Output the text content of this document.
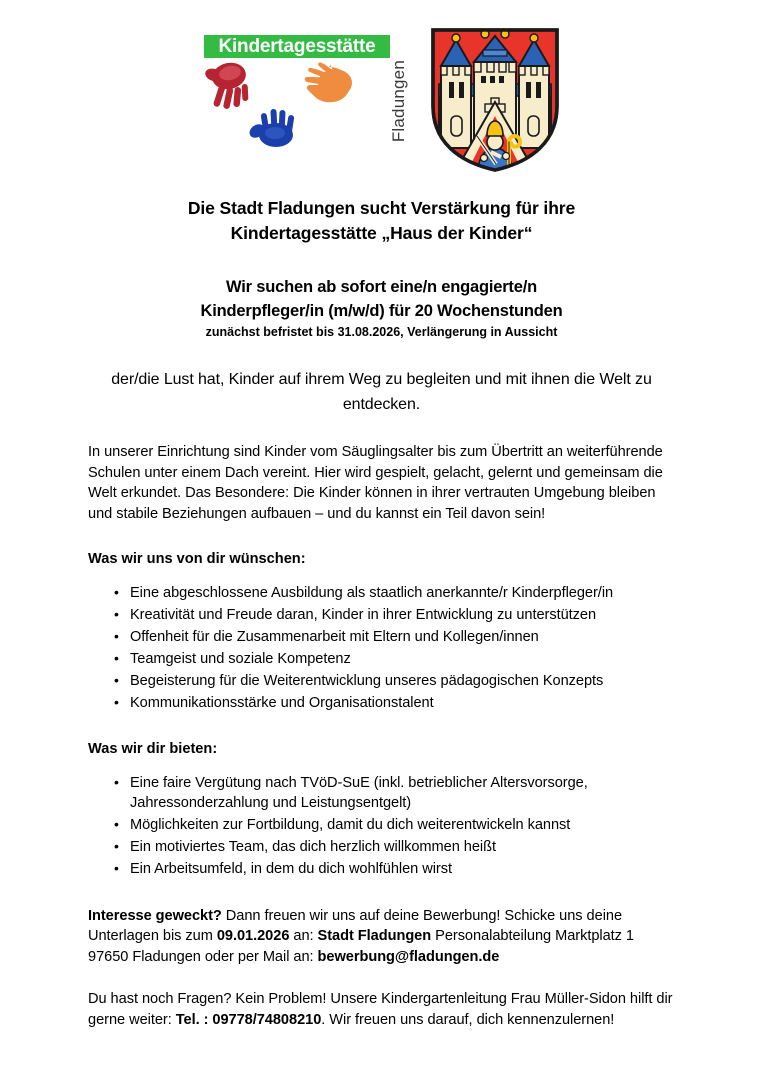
Kindertagesstätte
Fladungen
Die Stadt Fladungen sucht Verstärkung für ihre
Kindertagesstätte „Haus der Kinder“
Wir suchen ab sofort eine/n engagierte/n
Kinderpfleger/in (m/w/d) für 20 Wochenstunden
zunächst befristet bis 31.08.2026, Verlängerung in Aussicht
der/die Lust hat, Kinder auf ihrem Weg zu begleiten und mit ihnen die Welt zu entdecken.
In unserer Einrichtung sind Kinder vom Säuglingsalter bis zum Übertritt an weiterführende Schulen unter einem Dach vereint. Hier wird gespielt, gelacht, gelernt und gemeinsam die Welt erkundet. Das Besondere: Die Kinder können in ihrer vertrauten Umgebung bleiben und stabile Beziehungen aufbauen – und du kannst ein Teil davon sein!
Was wir uns von dir wünschen:
• Eine abgeschlossene Ausbildung als staatlich anerkannte/r Kinderpfleger/in
• Kreativität und Freude daran, Kinder in ihrer Entwicklung zu unterstützen
• Offenheit für die Zusammenarbeit mit Eltern und Kollegen/innen
• Teamgeist und soziale Kompetenz
• Begeisterung für die Weiterentwicklung unseres pädagogischen Konzepts
• Kommunikationsstärke und Organisationstalent
Was wir dir bieten:
• Eine faire Vergütung nach TVöD-SuE (inkl. betrieblicher Altersvorsorge, Jahressonderzahlung und Leistungsentgelt)
• Möglichkeiten zur Fortbildung, damit du dich weiterentwickeln kannst
• Ein motiviertes Team, das dich herzlich willkommen heißt
• Ein Arbeitsumfeld, in dem du dich wohlfühlen wirst
Interesse geweckt? Dann freuen wir uns auf deine Bewerbung! Schicke uns deine Unterlagen bis zum 09.01.2026 an: Stadt Fladungen Personalabteilung Marktplatz 1 97650 Fladungen oder per Mail an: bewerbung@fladungen.de
Du hast noch Fragen? Kein Problem! Unsere Kindergartenleitung Frau Müller-Sidon hilft dir gerne weiter: Tel. : 09778/74808210. Wir freuen uns darauf, dich kennenzulernen!
